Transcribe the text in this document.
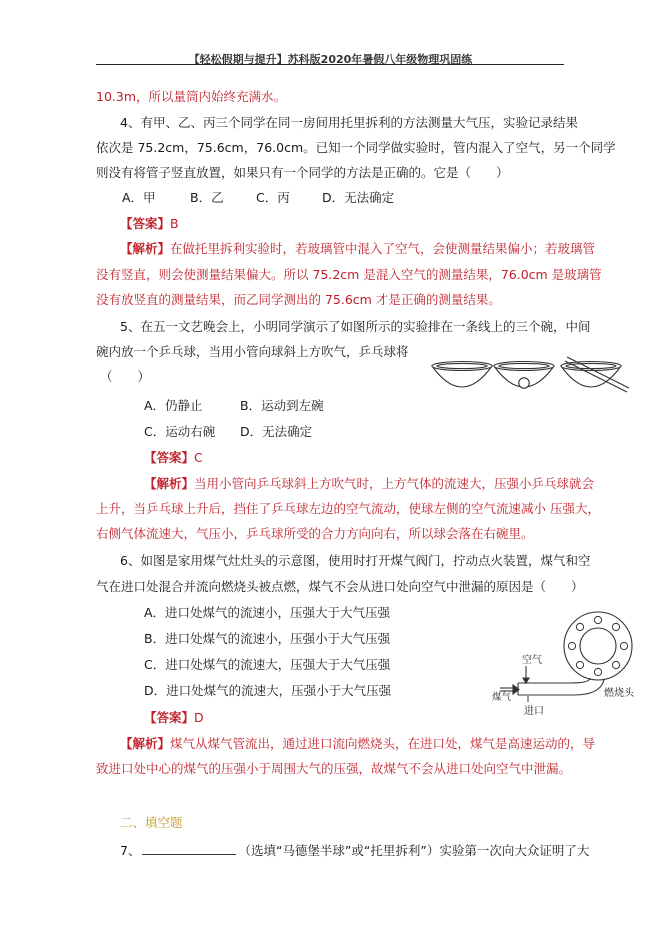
【轻松假期与提升】苏科版2020年暑假八年级物理巩固练
10.3m，所以量筒内始终充满水。
4、有甲、乙、丙三个同学在同一房间用托里拆利的方法测量大气压，实验记录结果
依次是 75.2cm，75.6cm，76.0cm。已知一个同学做实验时，管内混入了空气，另一个同学
则没有将管子竖直放置，如果只有一个同学的方法是正确的。它是（　　）
A．甲	B．乙	C．丙	D．无法确定
【答案】B
【解析】在做托里拆利实验时，若玻璃管中混入了空气，会使测量结果偏小；若玻璃管
没有竖直，则会使测量结果偏大。所以 75.2cm 是混入空气的测量结果，76.0cm 是玻璃管
没有放竖直的测量结果，而乙同学测出的 75.6cm 才是正确的测量结果。
5、在五一文艺晚会上，小明同学演示了如图所示的实验排在一条线上的三个碗，中间
碗内放一个乒乓球，当用小管向球斜上方吹气，乒乓球将
（　　）
A．仍静止	B．运动到左碗
C．运动右碗 D．无法确定
【答案】C
【解析】当用小管向乒乓球斜上方吹气时，上方气体的流速大，压强小乒乓球就会
上升，当乒乓球上升后，挡住了乒乓球左边的空气流动，使球左侧的空气流速减小 压强大，
右侧气体流速大，气压小，乒乓球所受的合力方向向右，所以球会落在右碗里。
6、如图是家用煤气灶灶头的示意图，使用时打开煤气阀门，拧动点火装置，煤气和空
气在进口处混合并流向燃烧头被点燃，煤气不会从进口处向空气中泄漏的原因是（　　）
A．进口处煤气的流速小，压强大于大气压强
B．进口处煤气的流速小，压强小于大气压强
C．进口处煤气的流速大，压强大于大气压强
D．进口处煤气的流速大，压强小于大气压强
空气
煤气
进口
燃烧头
【答案】D
【解析】煤气从煤气管流出，通过进口流向燃烧头，在进口处，煤气是高速运动的，导
致进口处中心的煤气的压强小于周围大气的压强，故煤气不会从进口处向空气中泄漏。
二、填空题
7、	（选填“马德堡半球”或“托里拆利”）实验第一次向大众证明了大
